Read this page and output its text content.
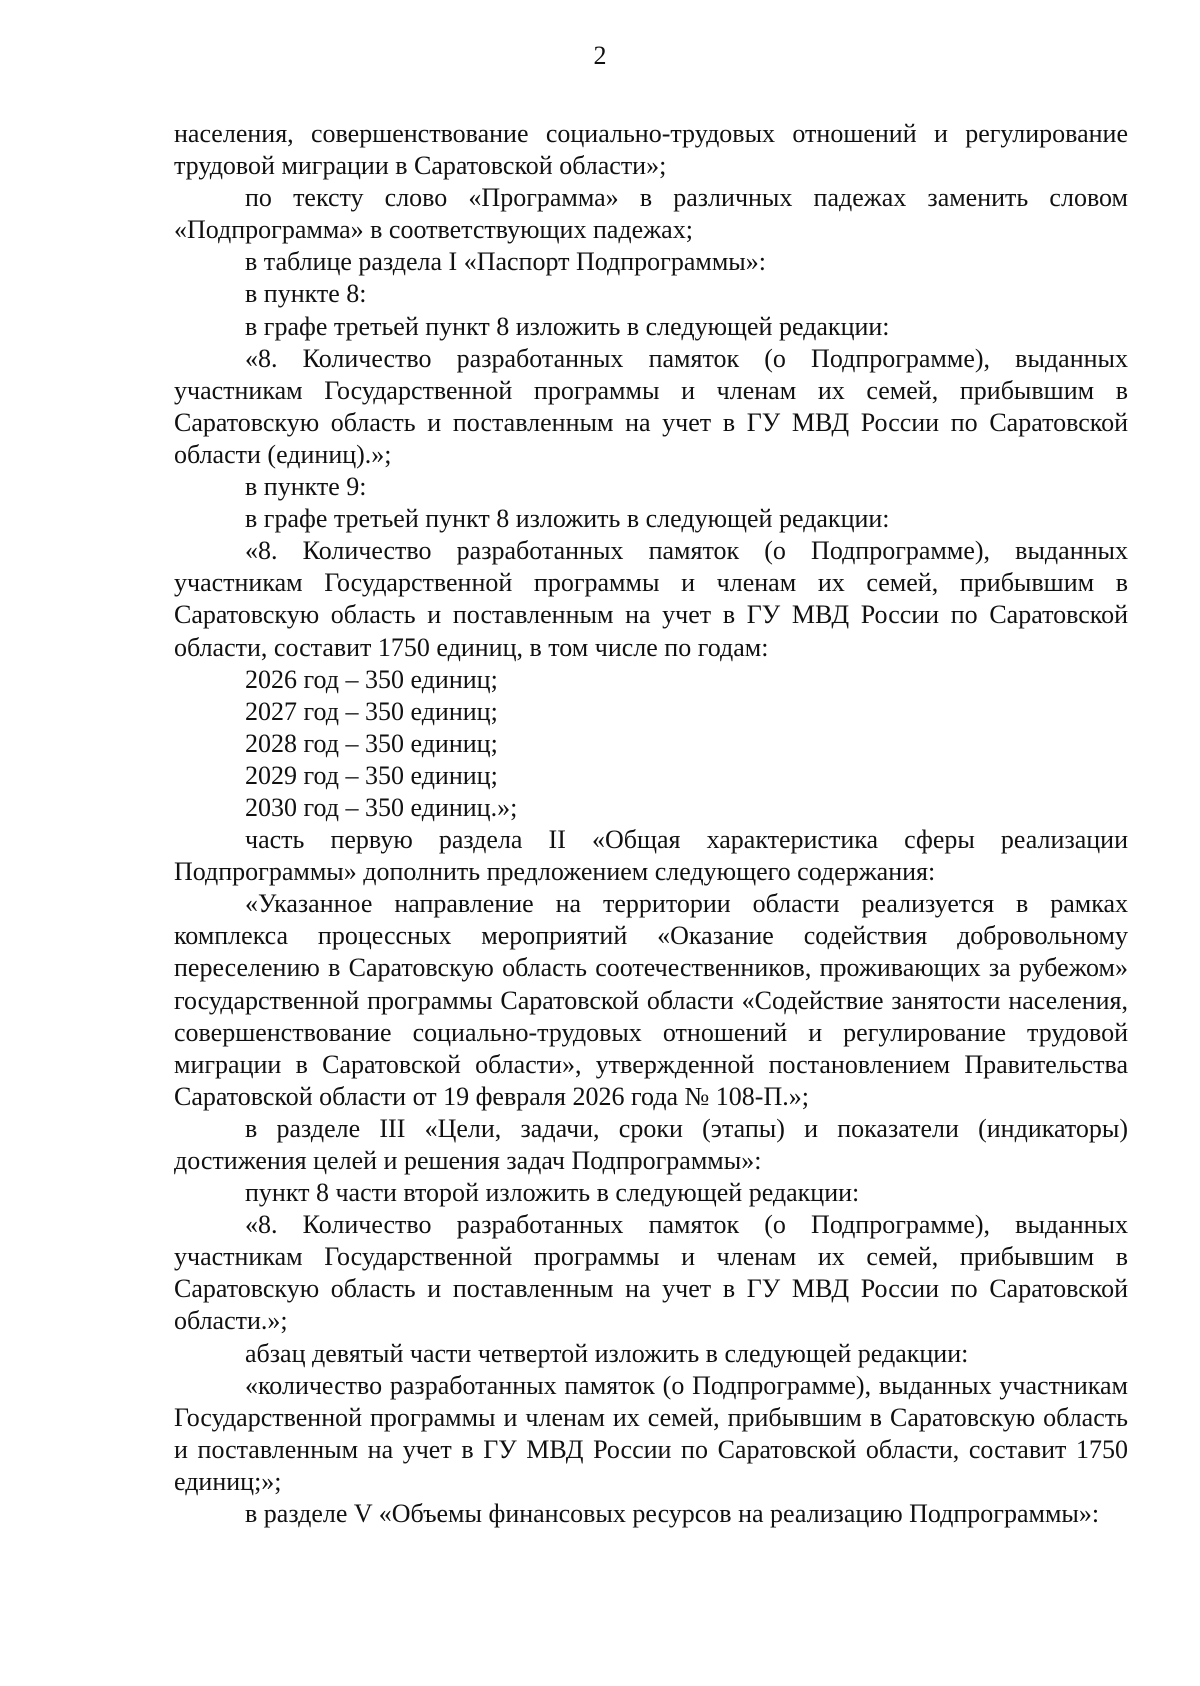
2

населения, совершенствование социально-трудовых отношений и регулирование трудовой миграции в Саратовской области»;

по тексту слово «Программа» в различных падежах заменить словом «Подпрограмма» в соответствующих падежах;

в таблице раздела I «Паспорт Подпрограммы»:

в пункте 8:

в графе третьей пункт 8 изложить в следующей редакции:

«8. Количество разработанных памяток (о Подпрограмме), выданных участникам Государственной программы и членам их семей, прибывшим в Саратовскую область и поставленным на учет в ГУ МВД России по Саратовской области (единиц).»;

в пункте 9:

в графе третьей пункт 8 изложить в следующей редакции:

«8. Количество разработанных памяток (о Подпрограмме), выданных участникам Государственной программы и членам их семей, прибывшим в Саратовскую область и поставленным на учет в ГУ МВД России по Саратовской области, составит 1750 единиц, в том числе по годам:

2026 год – 350 единиц;

2027 год – 350 единиц;

2028 год – 350 единиц;

2029 год – 350 единиц;

2030 год – 350 единиц.»;

часть первую раздела II «Общая характеристика сферы реализации Подпрограммы» дополнить предложением следующего содержания:

«Указанное направление на территории области реализуется в рамках комплекса процессных мероприятий «Оказание содействия добровольному переселению в Саратовскую область соотечественников, проживающих за рубежом» государственной программы Саратовской области «Содействие занятости населения, совершенствование социально-трудовых отношений и регулирование трудовой миграции в Саратовской области», утвержденной постановлением Правительства Саратовской области от 19 февраля 2026 года № 108-П.»;

в разделе III «Цели, задачи, сроки (этапы) и показатели (индикаторы) достижения целей и решения задач Подпрограммы»:

пункт 8 части второй изложить в следующей редакции:

«8. Количество разработанных памяток (о Подпрограмме), выданных участникам Государственной программы и членам их семей, прибывшим в Саратовскую область и поставленным на учет в ГУ МВД России по Саратовской области.»;

абзац девятый части четвертой изложить в следующей редакции:

«количество разработанных памяток (о Подпрограмме), выданных участникам Государственной программы и членам их семей, прибывшим в Саратовскую область и поставленным на учет в ГУ МВД России по Саратовской области, составит 1750 единиц;»;

в разделе V «Объемы финансовых ресурсов на реализацию Подпрограммы»:
